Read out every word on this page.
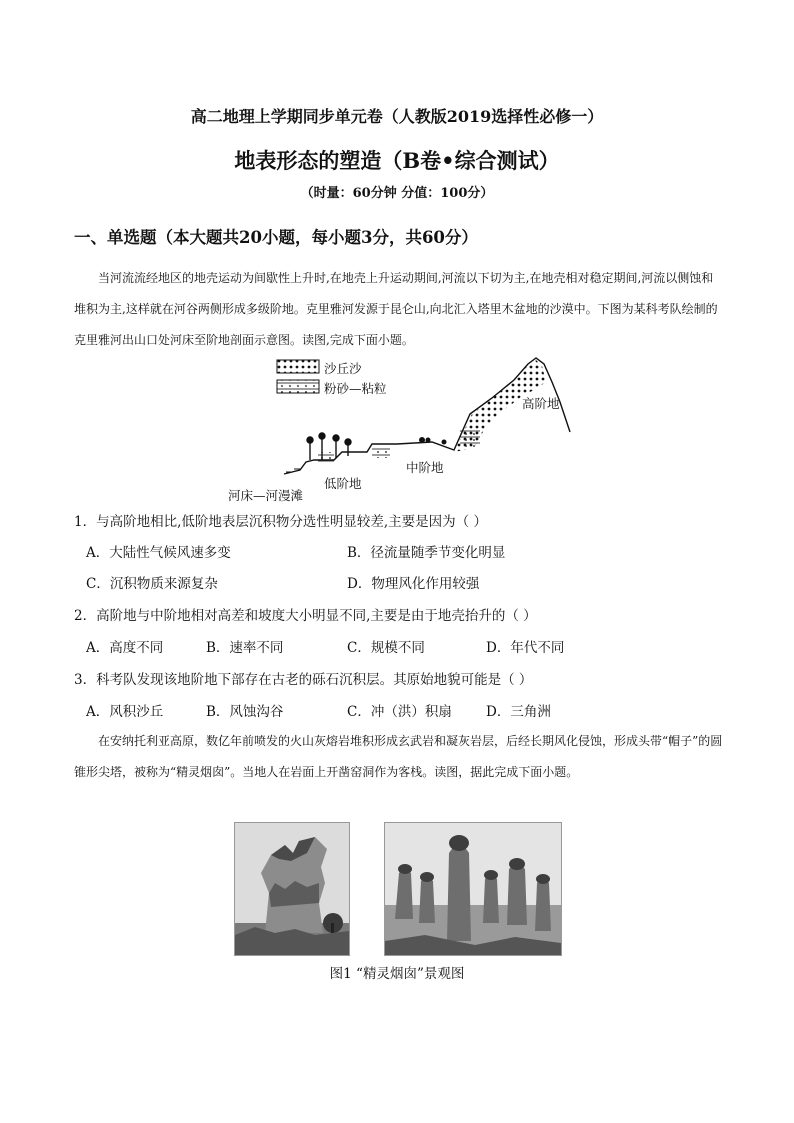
高二地理上学期同步单元卷（人教版2019选择性必修一）
地表形态的塑造（B卷•综合测试）
（时量：60分钟 分值：100分）
一、单选题（本大题共20小题，每小题3分，共60分）
当河流流经地区的地壳运动为间歇性上升时,在地壳上升运动期间,河流以下切为主,在地壳相对稳定期间,河流以侧蚀和堆积为主,这样就在河谷两侧形成多级阶地。克里雅河发源于昆仑山,向北汇入塔里木盆地的沙漠中。下图为某科考队绘制的克里雅河出山口处河床至阶地剖面示意图。读图,完成下面小题。
沙丘沙
粉砂—粘粒
高阶地
中阶地
低阶地
河床—河漫滩
1．与高阶地相比,低阶地表层沉积物分选性明显较差,主要是因为（ ）
A．大陆性气候风速多变	B．径流量随季节变化明显
C．沉积物质来源复杂	D．物理风化作用较强
2．高阶地与中阶地相对高差和坡度大小明显不同,主要是由于地壳抬升的（ ）
A．高度不同	B．速率不同	C．规模不同	D．年代不同
3．科考队发现该地阶地下部存在古老的砾石沉积层。其原始地貌可能是（ ）
A．风积沙丘	B．风蚀沟谷	C．冲（洪）积扇	D．三角洲
在安纳托利亚高原，数亿年前喷发的火山灰熔岩堆积形成玄武岩和凝灰岩层，后经长期风化侵蚀，形成头带“帽子”的圆锥形尖塔，被称为“精灵烟囱”。当地人在岩面上开凿窑洞作为客栈。读图，据此完成下面小题。
图1 “精灵烟囱”景观图
